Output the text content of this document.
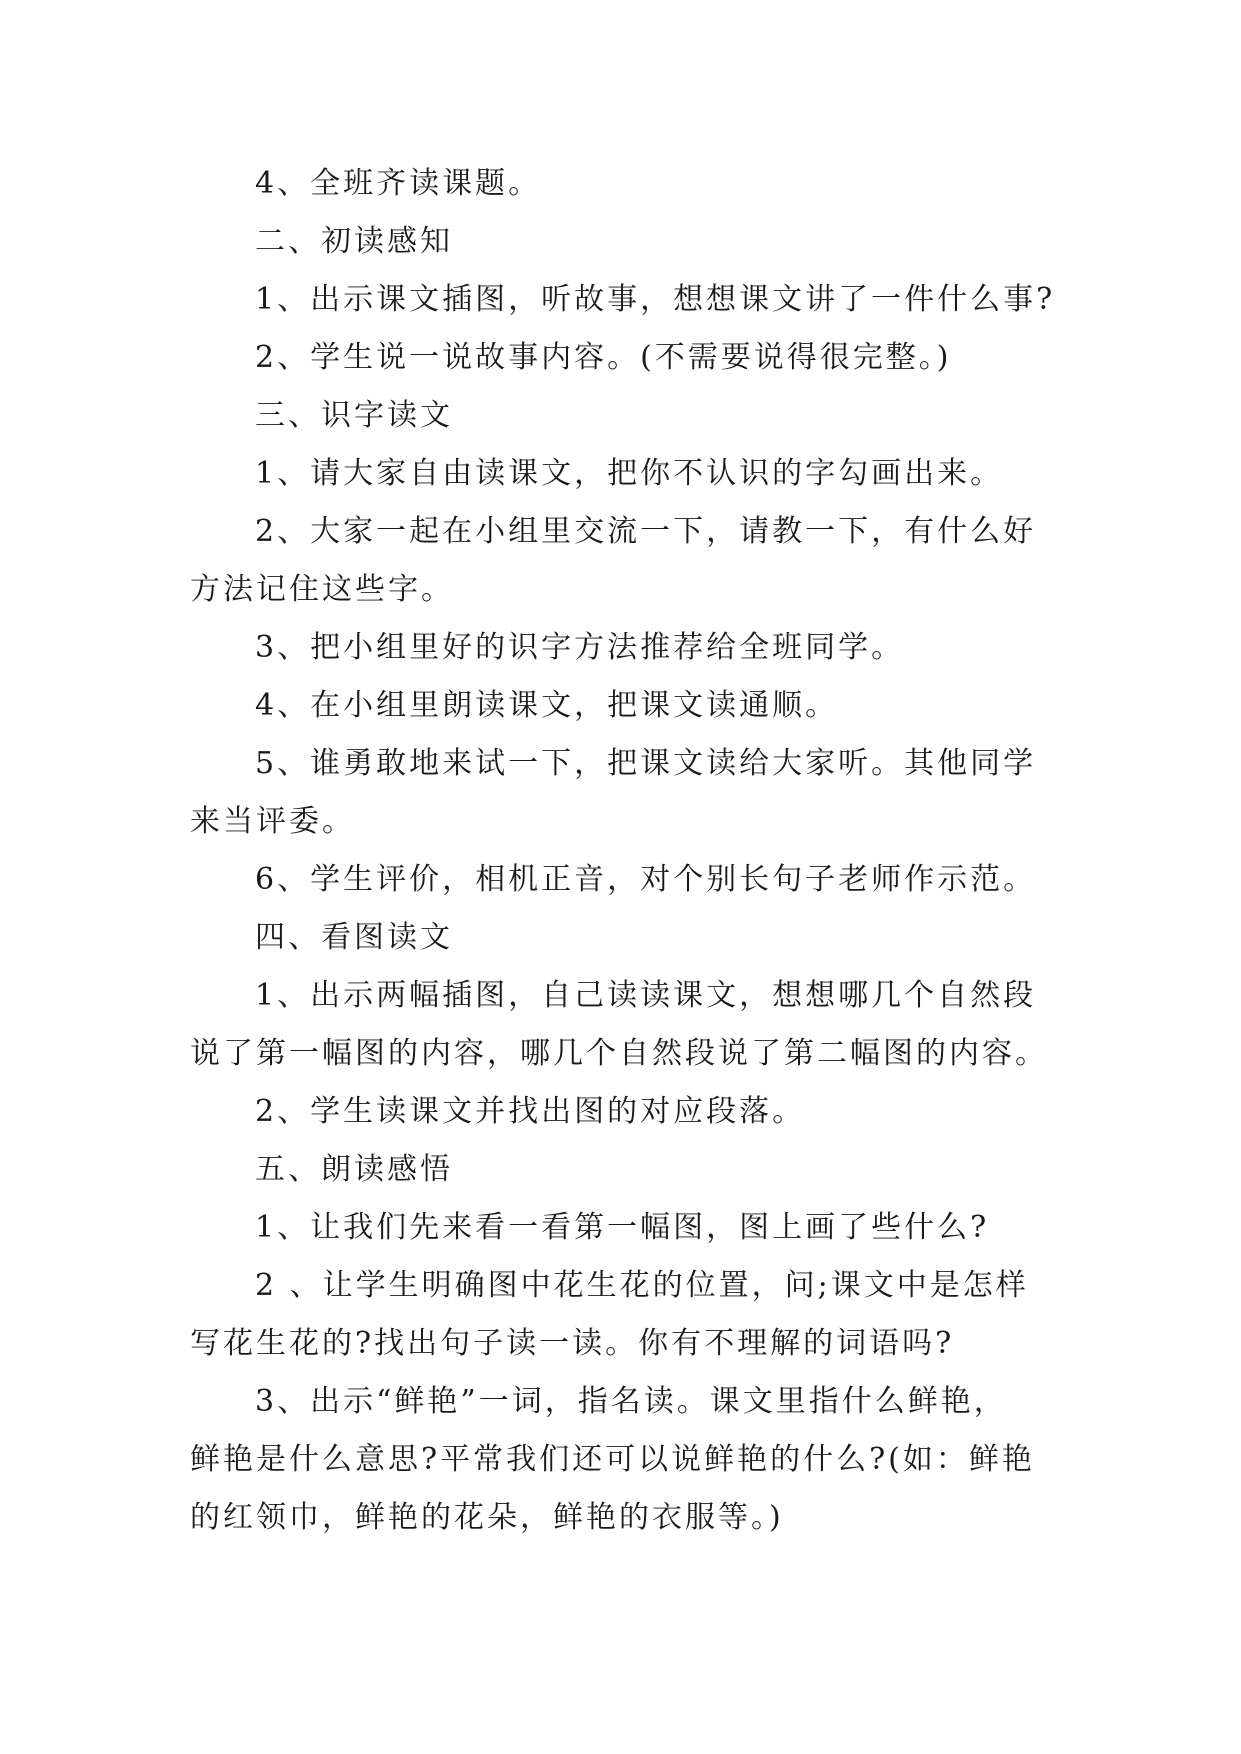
4、全班齐读课题。
二、初读感知
1、出示课文插图，听故事，想想课文讲了一件什么事?
2、学生说一说故事内容。(不需要说得很完整。)
三、识字读文
1、请大家自由读课文，把你不认识的字勾画出来。
2、大家一起在小组里交流一下，请教一下，有什么好
方法记住这些字。
3、把小组里好的识字方法推荐给全班同学。
4、在小组里朗读课文，把课文读通顺。
5、谁勇敢地来试一下，把课文读给大家听。其他同学
来当评委。
6、学生评价，相机正音，对个别长句子老师作示范。
四、看图读文
1、出示两幅插图，自己读读课文，想想哪几个自然段
说了第一幅图的内容，哪几个自然段说了第二幅图的内容。
2、学生读课文并找出图的对应段落。
五、朗读感悟
1、让我们先来看一看第一幅图，图上画了些什么?
2 、让学生明确图中花生花的位置，问;课文中是怎样
写花生花的?找出句子读一读。你有不理解的词语吗?
3、出示“鲜艳”一词，指名读。课文里指什么鲜艳，
鲜艳是什么意思?平常我们还可以说鲜艳的什么?(如：鲜艳
的红领巾，鲜艳的花朵，鲜艳的衣服等。)
